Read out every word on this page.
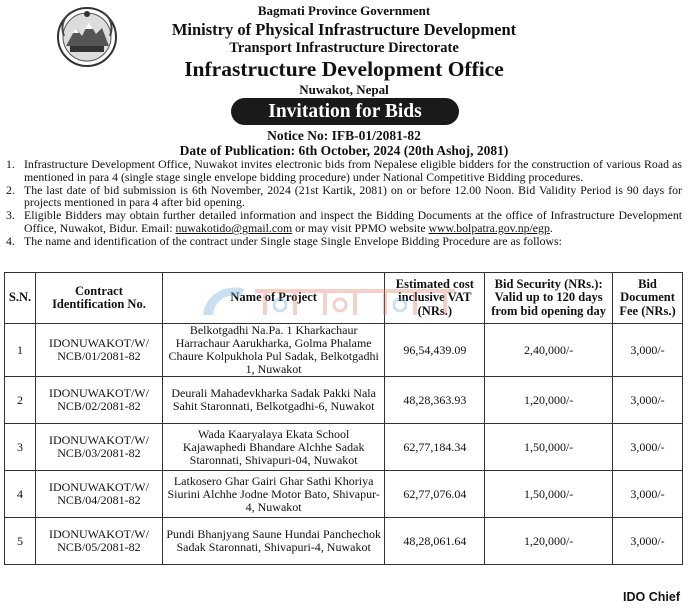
Bagmati Province Government
Ministry of Physical Infrastructure Development
Transport Infrastructure Directorate
Infrastructure Development Office
Nuwakot, Nepal
Invitation for Bids
Notice No: IFB-01/2081-82
Date of Publication: 6th October, 2024 (20th Ashoj, 2081)
1. Infrastructure Development Office, Nuwakot invites electronic bids from Nepalese eligible bidders for the construction of various Road as mentioned in para 4 (single stage single envelope bidding procedure) under National Competitive Bidding procedures.
2. The last date of bid submission is 6th November, 2024 (21st Kartik, 2081) on or before 12.00 Noon. Bid Validity Period is 90 days for projects mentioned in para 4 after bid opening.
3. Eligible Bidders may obtain further detailed information and inspect the Bidding Documents at the office of Infrastructure Development Office, Nuwakot, Bidur. Email: nuwakotido@gmail.com or may visit PPMO website www.bolpatra.gov.np/egp.
4. The name and identification of the contract under Single stage Single Envelope Bidding Procedure are as follows:
S.N.	Contract Identification No.	Name of Project	Estimated cost inclusive VAT (NRs.)	Bid Security (NRs.): Valid up to 120 days from bid opening day	Bid Document Fee (NRs.)
1	IDONUWAKOT/W/ NCB/01/2081-82	Belkotgadhi Na.Pa. 1 Kharkachaur Harrachaur Aarukharka, Golma Phalame Chaure Kolpukhola Pul Sadak, Belkotgadhi 1, Nuwakot	96,54,439.09	2,40,000/-	3,000/-
2	IDONUWAKOT/W/ NCB/02/2081-82	Deurali Mahadevkharka Sadak Pakki Nala Sahit Staronnati, Belkotgadhi-6, Nuwakot	48,28,363.93	1,20,000/-	3,000/-
3	IDONUWAKOT/W/ NCB/03/2081-82	Wada Kaaryalaya Ekata School Kajawaphedi Bhandare Alchhe Sadak Staronnati, Shivapuri-04, Nuwakot	62,77,184.34	1,50,000/-	3,000/-
4	IDONUWAKOT/W/ NCB/04/2081-82	Latkosero Ghar Gairi Ghar Sathi Khoriya Siurini Alchhe Jodne Motor Bato, Shivapur-4, Nuwakot	62,77,076.04	1,50,000/-	3,000/-
5	IDONUWAKOT/W/ NCB/05/2081-82	Pundi Bhanjyang Saune Hundai Panchechok Sadak Staronnati, Shivapuri-4, Nuwakot	48,28,061.64	1,20,000/-	3,000/-
IDO Chief
